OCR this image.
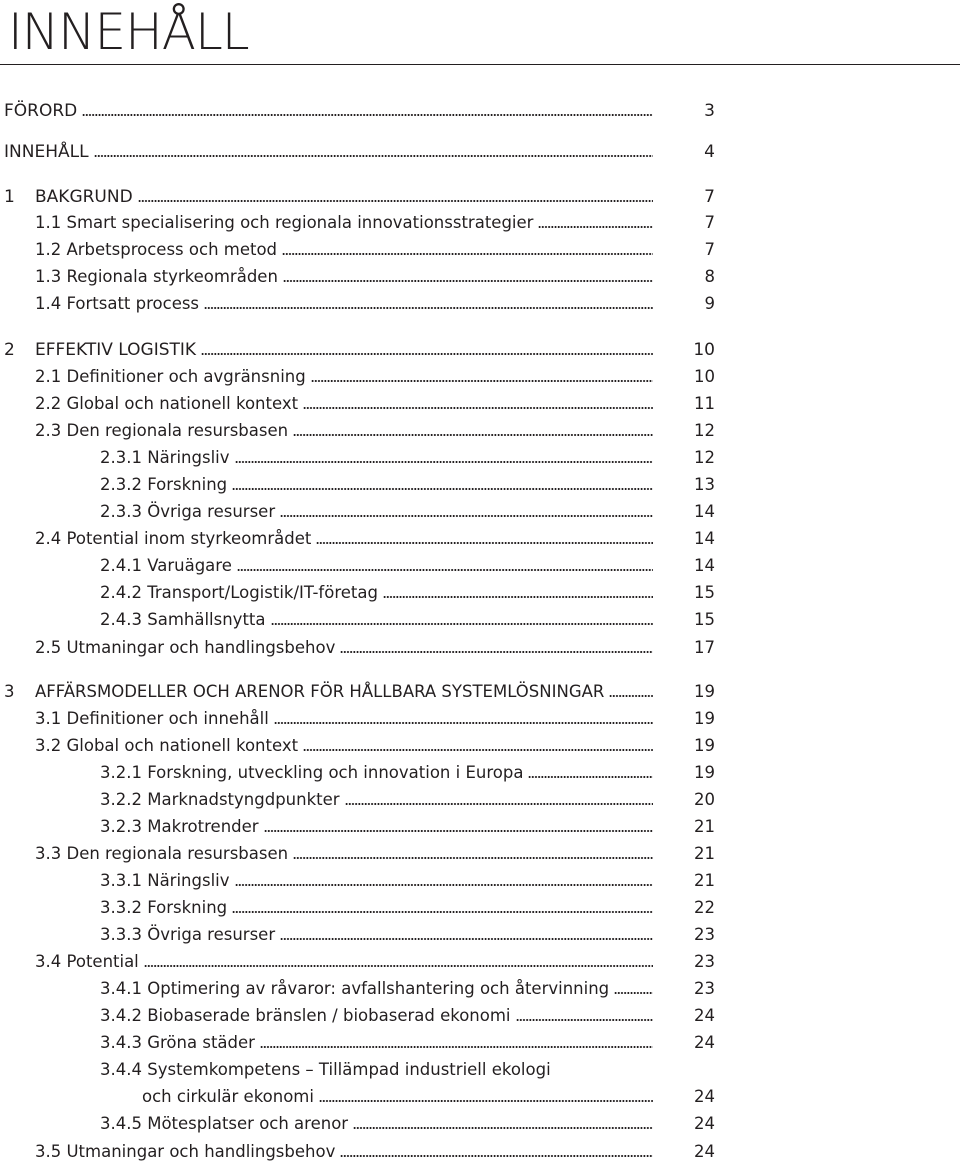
INNEHÅLL
FÖRORD	3
INNEHÅLL	4
1 BAKGRUND	7
1.1 Smart specialisering och regionala innovationsstrategier	7
1.2 Arbetsprocess och metod	7
1.3 Regionala styrkeområden	8
1.4 Fortsatt process	9
2 EFFEKTIV LOGISTIK	10
2.1 Definitioner och avgränsning	10
2.2 Global och nationell kontext	11
2.3 Den regionala resursbasen	12
2.3.1 Näringsliv	12
2.3.2 Forskning	13
2.3.3 Övriga resurser	14
2.4 Potential inom styrkeområdet	14
2.4.1 Varuägare	14
2.4.2 Transport/Logistik/IT-företag	15
2.4.3 Samhällsnytta	15
2.5 Utmaningar och handlingsbehov	17
3 AFFÄRSMODELLER OCH ARENOR FÖR HÅLLBARA SYSTEMLÖSNINGAR	19
3.1 Definitioner och innehåll	19
3.2 Global och nationell kontext	19
3.2.1 Forskning, utveckling och innovation i Europa	19
3.2.2 Marknadstyngdpunkter	20
3.2.3 Makrotrender	21
3.3 Den regionala resursbasen	21
3.3.1 Näringsliv	21
3.3.2 Forskning	22
3.3.3 Övriga resurser	23
3.4 Potential	23
3.4.1 Optimering av råvaror: avfallshantering och återvinning	23
3.4.2 Biobaserade bränslen / biobaserad ekonomi	24
3.4.3 Gröna städer	24
3.4.4 Systemkompetens – Tillämpad industriell ekologi
och cirkulär ekonomi	24
3.4.5 Mötesplatser och arenor	24
3.5 Utmaningar och handlingsbehov	24
